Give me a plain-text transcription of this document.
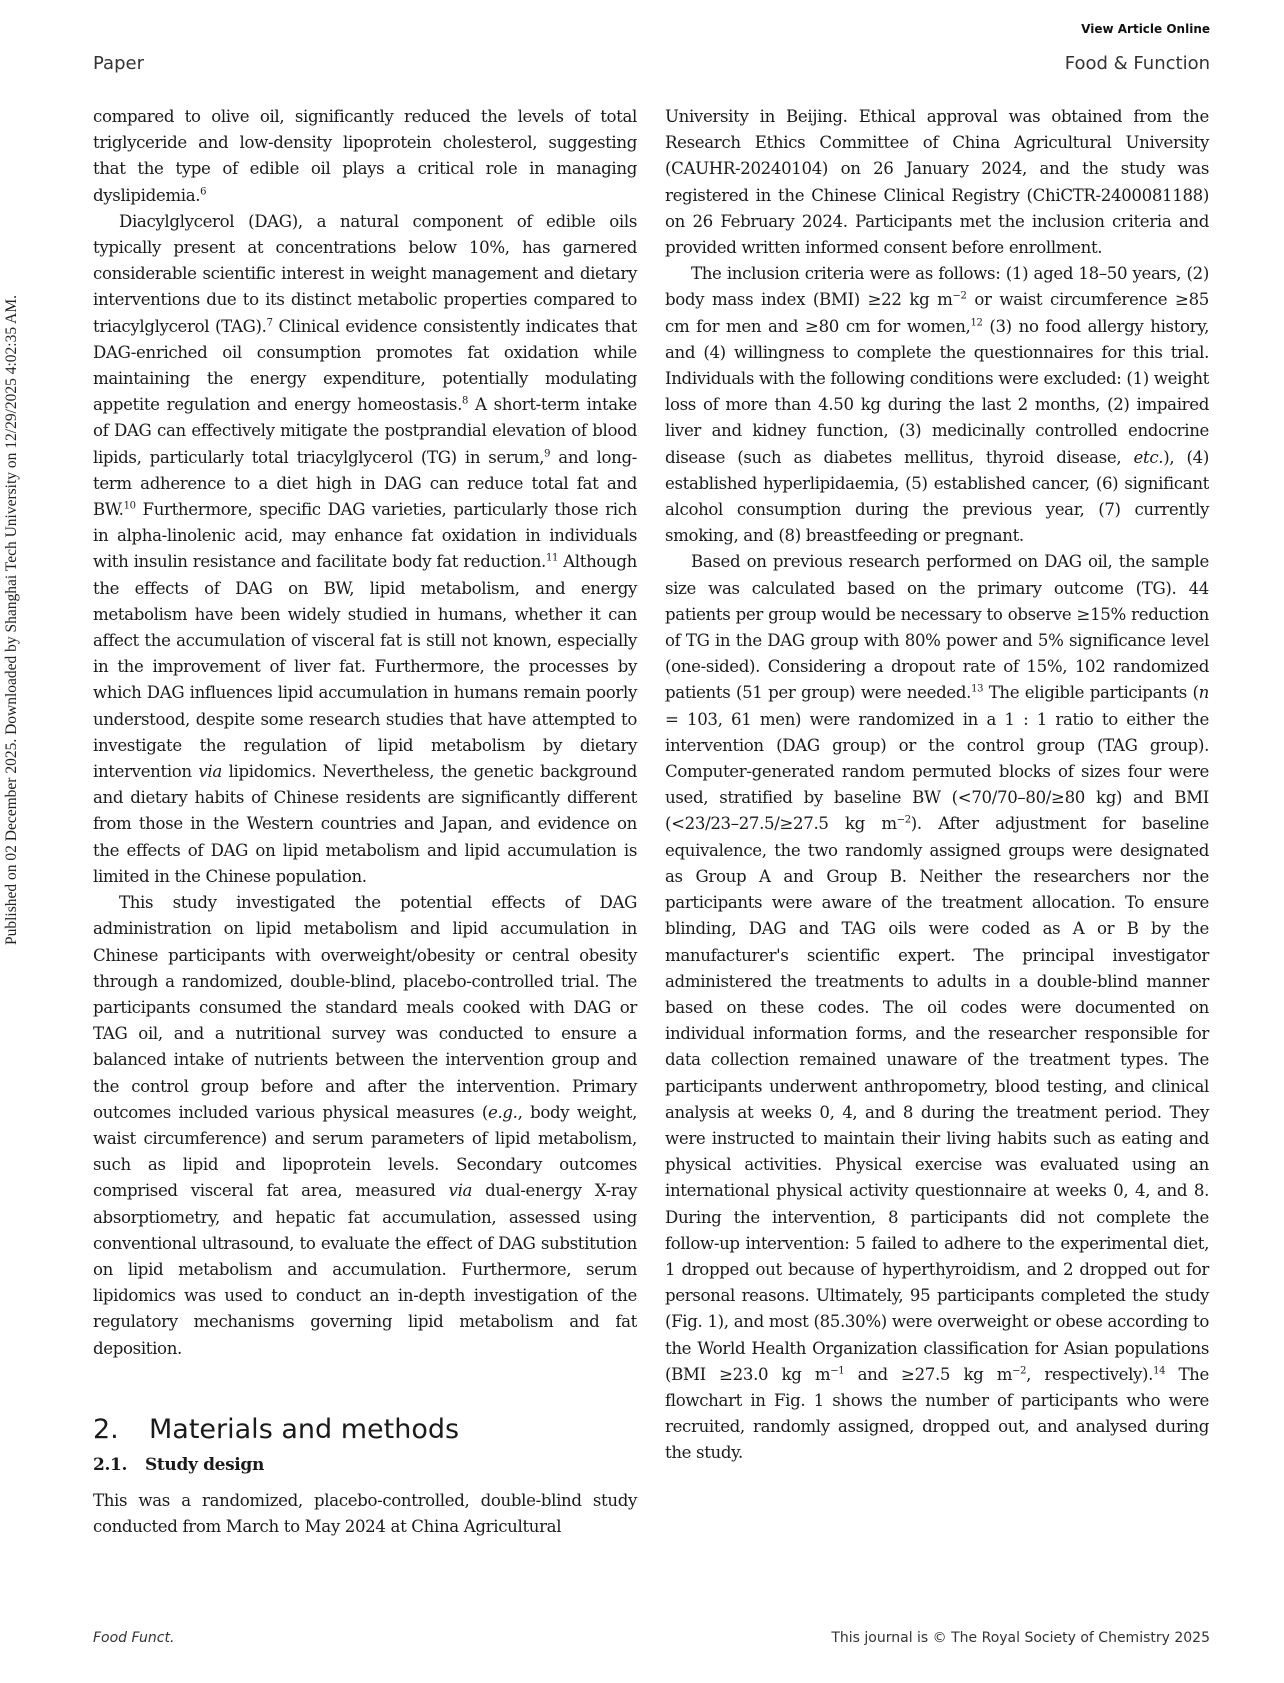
Published on 02 December 2025. Downloaded by Shanghai Tech University on 12/29/2025 4:02:35 AM.
View Article Online
Paper	Food & Function

compared to olive oil, significantly reduced the levels of total triglyceride and low-density lipoprotein cholesterol, suggesting that the type of edible oil plays a critical role in managing dyslipidemia.$^6$

Diacylglycerol (DAG), a natural component of edible oils typically present at concentrations below 10%, has garnered considerable scientific interest in weight management and dietary interventions due to its distinct metabolic properties compared to triacylglycerol (TAG).$^7$ Clinical evidence consistently indicates that DAG-enriched oil consumption promotes fat oxidation while maintaining the energy expenditure, potentially modulating appetite regulation and energy homeostasis.$^8$ A short-term intake of DAG can effectively mitigate the postprandial elevation of blood lipids, particularly total triacylglycerol (TG) in serum,$^9$ and long-term adherence to a diet high in DAG can reduce total fat and BW.$^{10}$ Furthermore, specific DAG varieties, particularly those rich in alpha-linolenic acid, may enhance fat oxidation in individuals with insulin resistance and facilitate body fat reduction.$^{11}$ Although the effects of DAG on BW, lipid metabolism, and energy metabolism have been widely studied in humans, whether it can affect the accumulation of visceral fat is still not known, especially in the improvement of liver fat. Furthermore, the processes by which DAG influences lipid accumulation in humans remain poorly understood, despite some research studies that have attempted to investigate the regulation of lipid metabolism by dietary intervention via lipidomics. Nevertheless, the genetic background and dietary habits of Chinese residents are significantly different from those in the Western countries and Japan, and evidence on the effects of DAG on lipid metabolism and lipid accumulation is limited in the Chinese population.

This study investigated the potential effects of DAG administration on lipid metabolism and lipid accumulation in Chinese participants with overweight/obesity or central obesity through a randomized, double-blind, placebo-controlled trial. The participants consumed the standard meals cooked with DAG or TAG oil, and a nutritional survey was conducted to ensure a balanced intake of nutrients between the intervention group and the control group before and after the intervention. Primary outcomes included various physical measures (e.g., body weight, waist circumference) and serum parameters of lipid metabolism, such as lipid and lipoprotein levels. Secondary outcomes comprised visceral fat area, measured via dual-energy X-ray absorptiometry, and hepatic fat accumulation, assessed using conventional ultrasound, to evaluate the effect of DAG substitution on lipid metabolism and accumulation. Furthermore, serum lipidomics was used to conduct an in-depth investigation of the regulatory mechanisms governing lipid metabolism and fat deposition.

2. Materials and methods
2.1. Study design

This was a randomized, placebo-controlled, double-blind study conducted from March to May 2024 at China Agricultural

University in Beijing. Ethical approval was obtained from the Research Ethics Committee of China Agricultural University (CAUHR-20240104) on 26 January 2024, and the study was registered in the Chinese Clinical Registry (ChiCTR-2400081188) on 26 February 2024. Participants met the inclusion criteria and provided written informed consent before enrollment.

The inclusion criteria were as follows: (1) aged 18–50 years, (2) body mass index (BMI) ≥22 kg $m^{-2}$ or waist circumference ≥85 cm for men and ≥80 cm for women,$^{12}$ (3) no food allergy history, and (4) willingness to complete the questionnaires for this trial. Individuals with the following conditions were excluded: (1) weight loss of more than 4.50 kg during the last 2 months, (2) impaired liver and kidney function, (3) medicinally controlled endocrine disease (such as diabetes mellitus, thyroid disease, etc.), (4) established hyperlipidaemia, (5) established cancer, (6) significant alcohol consumption during the previous year, (7) currently smoking, and (8) breastfeeding or pregnant.

Based on previous research performed on DAG oil, the sample size was calculated based on the primary outcome (TG). 44 patients per group would be necessary to observe ≥15% reduction of TG in the DAG group with 80% power and 5% significance level (one-sided). Considering a dropout rate of 15%, 102 randomized patients (51 per group) were needed.$^{13}$ The eligible participants (n = 103, 61 men) were randomized in a 1 : 1 ratio to either the intervention (DAG group) or the control group (TAG group). Computer-generated random permuted blocks of sizes four were used, stratified by baseline BW (<70/70–80/≥80 kg) and BMI (<23/23–27.5/≥27.5 kg $m^{-2}$). After adjustment for baseline equivalence, the two randomly assigned groups were designated as Group A and Group B. Neither the researchers nor the participants were aware of the treatment allocation. To ensure blinding, DAG and TAG oils were coded as A or B by the manufacturer's scientific expert. The principal investigator administered the treatments to adults in a double-blind manner based on these codes. The oil codes were documented on individual information forms, and the researcher responsible for data collection remained unaware of the treatment types. The participants underwent anthropometry, blood testing, and clinical analysis at weeks 0, 4, and 8 during the treatment period. They were instructed to maintain their living habits such as eating and physical activities. Physical exercise was evaluated using an international physical activity questionnaire at weeks 0, 4, and 8. During the intervention, 8 participants did not complete the follow-up intervention: 5 failed to adhere to the experimental diet, 1 dropped out because of hyperthyroidism, and 2 dropped out for personal reasons. Ultimately, 95 participants completed the study (Fig. 1), and most (85.30%) were overweight or obese according to the World Health Organization classification for Asian populations (BMI ≥23.0 kg $m^{-1}$ and ≥27.5 kg $m^{-2}$, respectively).$^{14}$ The flowchart in Fig. 1 shows the number of participants who were recruited, randomly assigned, dropped out, and analysed during the study.

Food Funct.	This journal is © The Royal Society of Chemistry 2025
